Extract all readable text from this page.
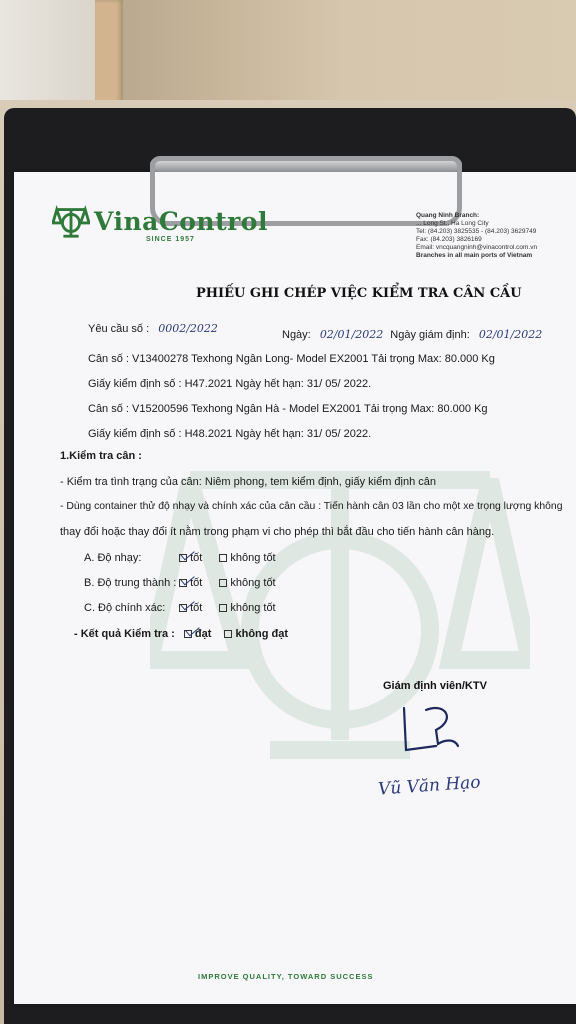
VinaControl
SINCE 1957
Quang Ninh Branch:
... Long St., Ha Long City
Tel: (84.203) 3825535 - (84.203) 3629749
Fax: (84.203) 3826169
Email: vncquangninh@vinacontrol.com.vn
Branches in all main ports of Vietnam
PHIẾU GHI CHÉP VIỆC KIỂM TRA CÂN CẦU
Yêu cầu số : 0002/2022	Ngày: 02/01/2022 Ngày giám định: 02/01/2022
Cân số : V13400278 Texhong Ngân Long- Model EX2001 Tải trọng Max: 80.000 Kg
Giấy kiểm định số : H47.2021 Ngày hết hạn: 31/ 05/ 2022.
Cân số : V15200596 Texhong Ngân Hà - Model EX2001 Tải trọng Max: 80.000 Kg
Giấy kiểm định số : H48.2021 Ngày hết hạn: 31/ 05/ 2022.
1.Kiểm tra cân :
- Kiểm tra tình trạng của cân: Niêm phong, tem kiểm định, giấy kiểm định cân
- Dùng container thử độ nhạy và chính xác của cân cầu : Tiến hành cân 03 lần cho một xe trọng lượng không
thay đổi hoặc thay đổi ít nằm trong phạm vi cho phép thì bắt đầu cho tiến hành cân hàng.
A. Độ nhạy:	tốt	không tốt
B. Độ trung thành : tốt	không tốt
C. Độ chính xác: tốt	không tốt
- Kết quả Kiểm tra : đạt không đạt
Giám định viên/KTV
Vũ Văn Hạo
IMPROVE QUALITY, TOWARD SUCCESS
